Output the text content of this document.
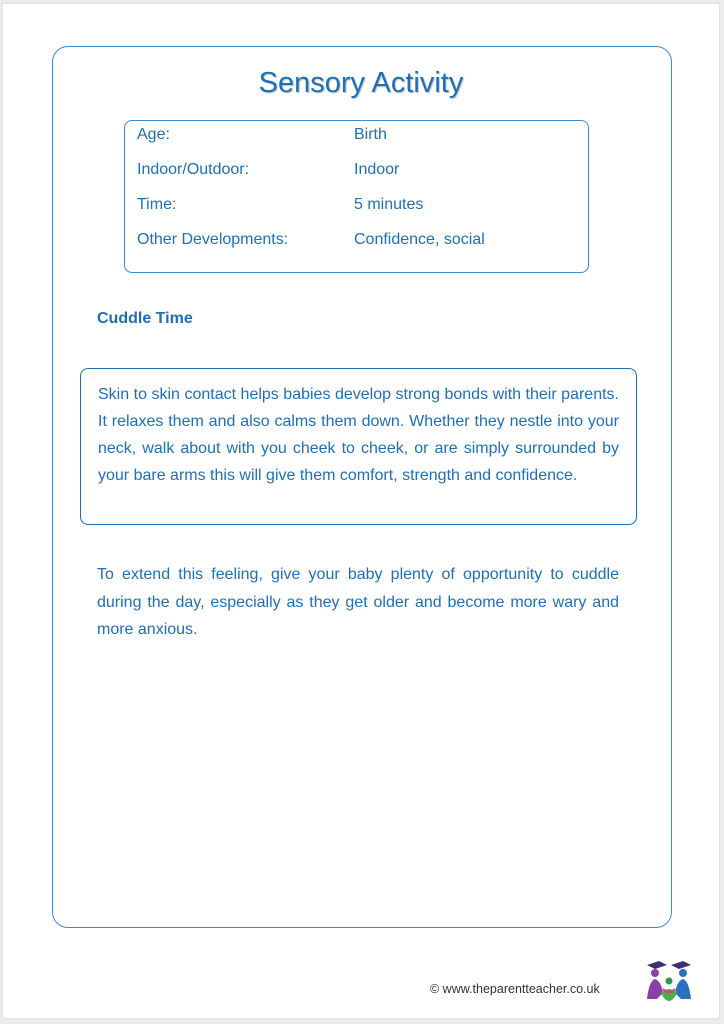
Sensory Activity
Age:	Birth
Indoor/Outdoor:	Indoor
Time:	5 minutes
Other Developments:	Confidence, social
Cuddle Time
Skin to skin contact helps babies develop strong bonds with their parents. It relaxes them and also calms them down. Whether they nestle into your neck, walk about with you cheek to cheek, or are simply surrounded by your bare arms this will give them comfort, strength and confidence.

To extend this feeling, give your baby plenty of opportunity to cuddle during the day, especially as they get older and become more wary and more anxious.

© www.theparentteacher.co.uk
